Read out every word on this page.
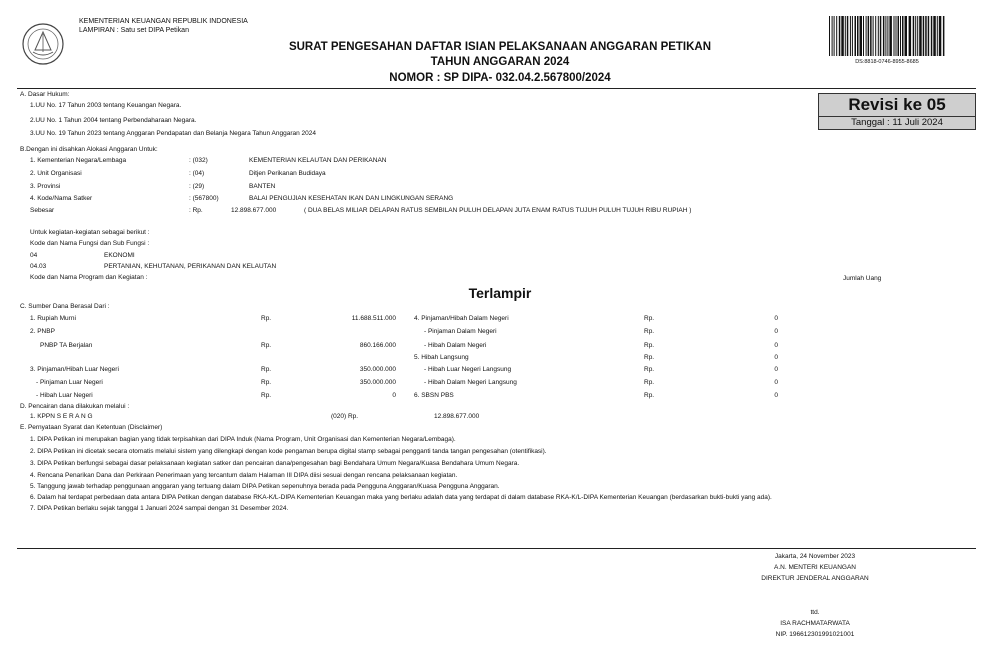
KEMENTERIAN KEUANGAN REPUBLIK INDONESIA
LAMPIRAN : Satu set DIPA Petikan
SURAT PENGESAHAN DAFTAR ISIAN PELAKSANAAN ANGGARAN PETIKAN
TAHUN ANGGARAN 2024
NOMOR : SP DIPA- 032.04.2.567800/2024
DS:8818-0746-8955-8685
Revisi ke 05
Tanggal : 11 Juli 2024
A. Dasar Hukum:
1.UU No. 17 Tahun 2003 tentang Keuangan Negara.
2.UU No. 1 Tahun 2004 tentang Perbendaharaan Negara.
3.UU No. 19 Tahun 2023 tentang Anggaran Pendapatan dan Belanja Negara Tahun Anggaran 2024
B.Dengan ini disahkan Alokasi Anggaran Untuk:
1. Kementerian Negara/Lembaga	: (032)	KEMENTERIAN KELAUTAN DAN PERIKANAN
2. Unit Organisasi	: (04)	Ditjen Perikanan Budidaya
3. Provinsi	: (29)	BANTEN
4. Kode/Nama Satker	: (567800)	BALAI PENGUJIAN KESEHATAN IKAN DAN LINGKUNGAN SERANG
Sebesar	: Rp.	12.898.677.000	( DUA BELAS MILIAR DELAPAN RATUS SEMBILAN PULUH DELAPAN JUTA ENAM RATUS TUJUH PULUH TUJUH RIBU RUPIAH )
Untuk kegiatan-kegiatan sebagai berikut :
Kode dan Nama Fungsi dan Sub Fungsi :
04	EKONOMI
04.03	PERTANIAN, KEHUTANAN, PERIKANAN DAN KELAUTAN
Kode dan Nama Program dan Kegiatan :	Jumlah Uang
Terlampir
C. Sumber Dana Berasal Dari :
1. Rupiah Murni	Rp.	11.688.511.000
2. PNBP
PNBP TA Berjalan	Rp.	860.166.000
3. Pinjaman/Hibah Luar Negeri	Rp.	350.000.000
- Pinjaman Luar Negeri	Rp.	350.000.000
- Hibah Luar Negeri	Rp.	0
4. Pinjaman/Hibah Dalam Negeri	Rp.	0
- Pinjaman Dalam Negeri	Rp.	0
- Hibah Dalam Negeri	Rp.	0
5. Hibah Langsung	Rp.	0
- Hibah Luar Negeri Langsung	Rp.	0
- Hibah Dalam Negeri Langsung	Rp.	0
6. SBSN PBS	Rp.	0
D. Pencairan dana dilakukan melalui :
1. KPPN S E R A N G	(020) Rp.	12.898.677.000
E. Pernyataan Syarat dan Ketentuan (Disclaimer)
1. DIPA Petikan ini merupakan bagian yang tidak terpisahkan dari DIPA Induk (Nama Program, Unit Organisasi dan Kementerian Negara/Lembaga).
2. DIPA Petikan ini dicetak secara otomatis melalui sistem yang dilengkapi dengan kode pengaman berupa digital stamp sebagai pengganti tanda tangan pengesahan (otentifikasi).
3. DIPA Petikan berfungsi sebagai dasar pelaksanaan kegiatan satker dan pencairan dana/pengesahan bagi Bendahara Umum Negara/Kuasa Bendahara Umum Negara.
4. Rencana Penarikan Dana dan Perkiraan Penerimaan yang tercantum dalam Halaman III DIPA diisi sesuai dengan rencana pelaksanaan kegiatan.
5. Tanggung jawab terhadap penggunaan anggaran yang tertuang dalam DIPA Petikan sepenuhnya berada pada Pengguna Anggaran/Kuasa Pengguna Anggaran.
6. Dalam hal terdapat perbedaan data antara DIPA Petikan dengan database RKA-K/L-DIPA Kementerian Keuangan maka yang berlaku adalah data yang terdapat di dalam database RKA-K/L-DIPA Kementerian Keuangan (berdasarkan bukti-bukti yang ada).
7. DIPA Petikan berlaku sejak tanggal 1 Januari 2024 sampai dengan 31 Desember 2024.
Jakarta, 24 November 2023
A.N. MENTERI KEUANGAN
DIREKTUR JENDERAL ANGGARAN
ttd.
ISA RACHMATARWATA
NIP. 196612301991021001
